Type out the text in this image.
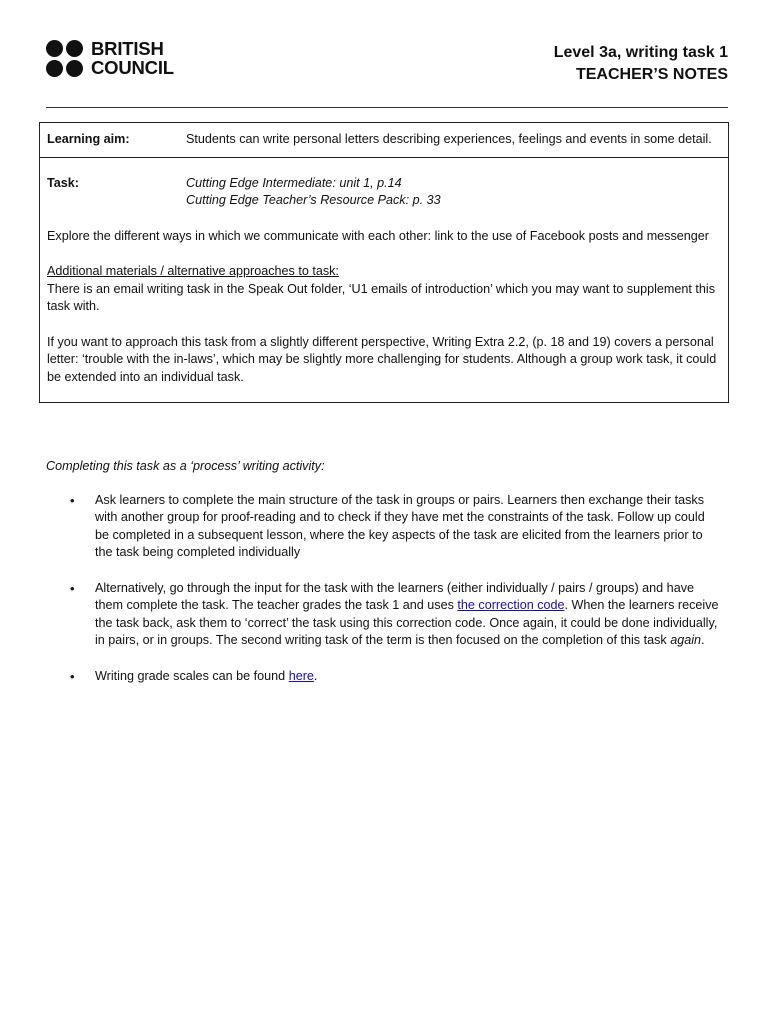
BRITISH
COUNCIL
Level 3a, writing task 1
TEACHER’S NOTES
Learning aim:	Students can write personal letters describing experiences, feelings and events in some detail.
Task:	Cutting Edge Intermediate: unit 1, p.14
Cutting Edge Teacher’s Resource Pack: p. 33
Explore the different ways in which we communicate with each other: link to the use of Facebook posts and messenger
Additional materials / alternative approaches to task:
There is an email writing task in the Speak Out folder, ‘U1 emails of introduction’ which you may want to supplement this task with.
If you want to approach this task from a slightly different perspective, Writing Extra 2.2, (p. 18 and 19) covers a personal letter: ‘trouble with the in-laws’, which may be slightly more challenging for students. Although a group work task, it could be extended into an individual task.
Completing this task as a ‘process’ writing activity:
•	Ask learners to complete the main structure of the task in groups or pairs. Learners then exchange their tasks with another group for proof-reading and to check if they have met the constraints of the task. Follow up could be completed in a subsequent lesson, where the key aspects of the task are elicited from the learners prior to the task being completed individually
•	Alternatively, go through the input for the task with the learners (either individually / pairs / groups) and have them complete the task. The teacher grades the task 1 and uses the correction code. When the learners receive the task back, ask them to ‘correct’ the task using this correction code. Once again, it could be done individually, in pairs, or in groups. The second writing task of the term is then focused on the completion of this task again.
•	Writing grade scales can be found here.
